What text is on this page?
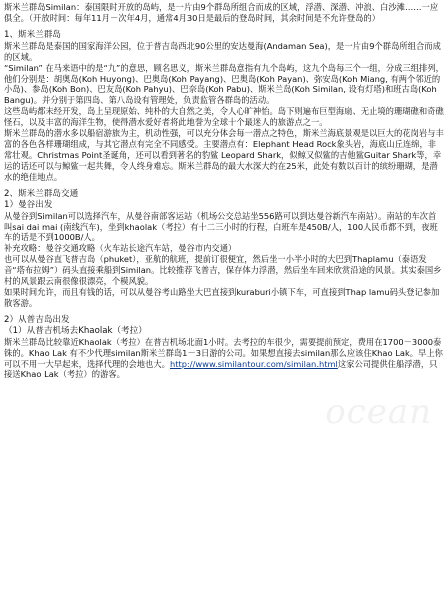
ocean

斯米兰群岛Similan：泰国限时开放的岛屿，是一片由9个群岛所组合而成的区域，浮潜、深潜、冲浪、白沙滩……一应俱全。（开放时间：每年11月－次年4月，通常4月30日是最后的登岛时间，其余时间是不允许登岛的）

1、斯米兰群岛

斯米兰群岛是泰国的国家海洋公园，位于普吉岛西北90公里的安达曼海(Andaman Sea)，是一片由9个群岛所组合而成的区域。

“Similan” 在马来语中的是“九”的意思，顾名思义，斯米兰群岛意指有九个岛屿，这九个岛每三个一组，分成三组排列，他们分别是：胡奥岛(Koh Huyong)、巴奥岛(Koh Payang)、巴奥岛(Koh Payan)、弥安岛(Koh Miang, 有两个邻近的小岛)、参岛(Koh Bon)、巴友岛(Koh Pahyu)、巴奈岛(Koh Pabu)、斯米兰岛(Koh Similan, 设有灯塔)和班古岛(Koh Bangu)。并分别于第四岛、第八岛设有管理处，负责监管各群岛的活动。

这些岛屿都未经开发，岛上呈现原始、纯朴的大自然之美，令人心旷神怡。岛下则遍布巨型海扇、无止境的珊瑚礁和奇礁怪石，以及丰富的海洋生物，使得潜水爱好者将此地誉为全球十个最迷人的旅游点之一。

斯米兰群岛的潜水多以船宿游旅为主，机动性强，可以充分体会每一潜点之特色，斯米兰海底景观是以巨大的花岗岩与丰富的各色各样珊瑚组成，与其它潜点有完全不同感受。主要潜点有：Elephant Head Rock象头岩，海底山丘连绵，非常壮观。Christmas Point圣诞角，还可以看到著名的豹鲨 Leopard Shark，似鲸又似鲨的吉他鲨Guitar Shark等，幸运的话还可以与鲸鲨一起共舞，令人终身难忘。斯米兰群岛的最大水深大约在25米，此处有数以百计的缤纷珊瑚，是潜水的绝佳地点。

2、斯米兰群岛交通

1）曼谷出发

从曼谷到Similan可以选择汽车，从曼谷南部客运站（机场公交总站坐556路可以到达曼谷新汽车南站）。南站的车次首叫sai dai mai (南线汽车)，坐到khaolak（考拉）有十二三小时的行程，白班车是450B/人，100人民币都不到，夜班车的话是不到1000B/人。

补充攻略：曼谷交通攻略（火车站长途汽车站，曼谷市内交通）

也可以从曼谷直飞普吉岛（phuket），亚航的航班，提前订很便宜，然后坐一小半小时的大巴到Thaplamu（泰语发音“塔布拉姆”）码头直接乘船到Similan。比较推荐飞普吉，保存体力浮潜，然后坐车回来欣赏沿途的风景。其实泰国乡村的风景跟云南很像很漂亮，个模风貌。

如果时间允许，而且有钱的话，可以从曼谷考山路坐大巴直接到kuraburi小镇下车，可直接到Thap lamu码头登记参加散客游。

2）从普吉岛出发

（1）从普吉机场去Khaolak（考拉）

斯米兰群岛比较靠近Khaolak（考拉）在普吉机场北面1小时。去考拉的车很少，需要提前预定，费用在1700－3000泰铢的。Khao Lak 有不少代理similan斯米兰群岛1－3日游的公司。如果想直接去similan那么应该住Khao Lak。早上你可以不用一大早起来，选择代理的会地也大。http://www.similantour.com/similan.html这家公司提供住船浮潜，只接送Khao Lak（考拉）的游客。
